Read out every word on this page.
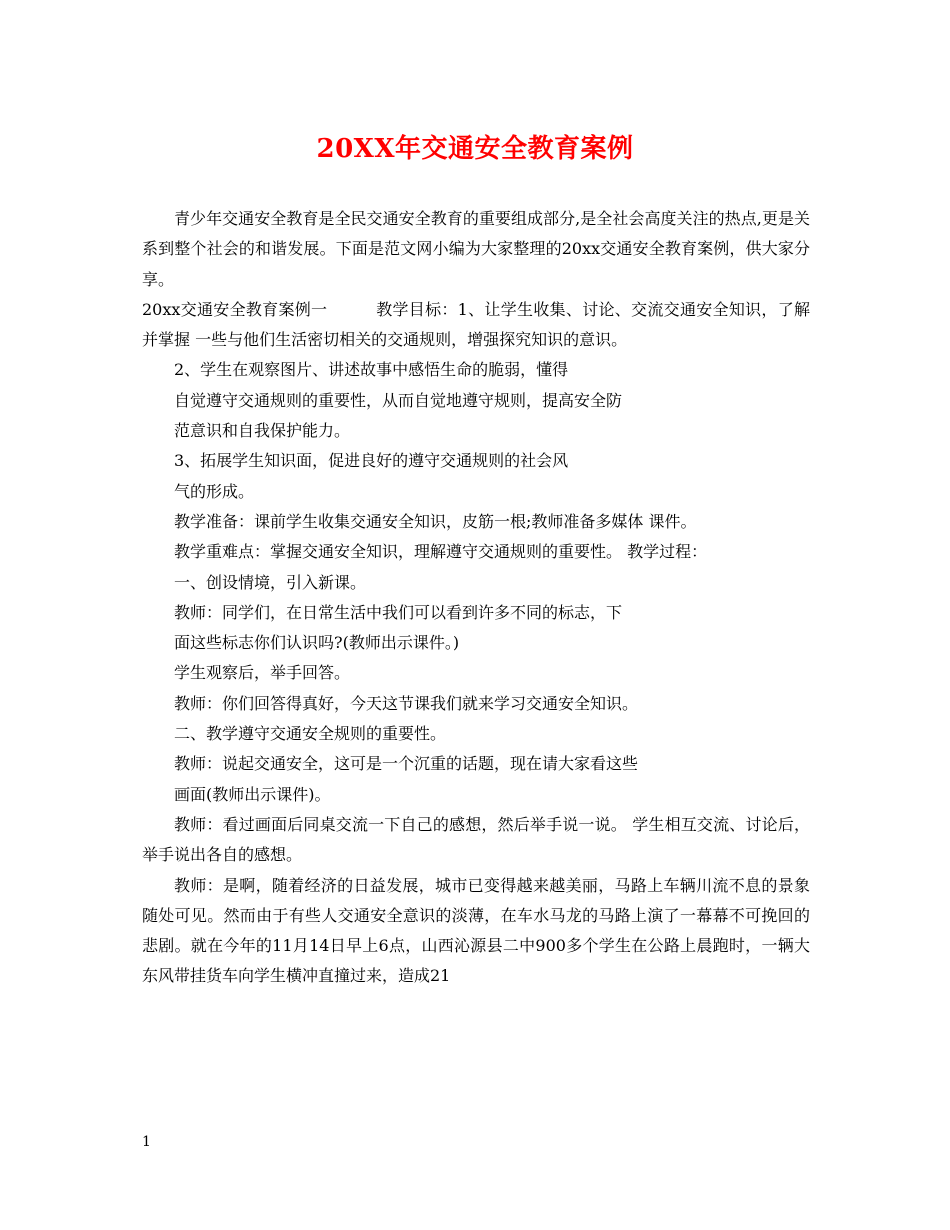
20XX年交通安全教育案例

青少年交通安全教育是全民交通安全教育的重要组成部分,是全社会高度关注的热点,更是关系到整个社会的和谐发展。下面是范文网小编为大家整理的20xx交通安全教育案例，供大家分享。

20xx交通安全教育案例一　　　教学目标：1、让学生收集、讨论、交流交通安全知识，了解并掌握 一些与他们生活密切相关的交通规则，增强探究知识的意识。

2、学生在观察图片、讲述故事中感悟生命的脆弱，懂得

自觉遵守交通规则的重要性，从而自觉地遵守规则，提高安全防

范意识和自我保护能力。

3、拓展学生知识面，促进良好的遵守交通规则的社会风

气的形成。

教学准备：课前学生收集交通安全知识，皮筋一根;教师准备多媒体 课件。

教学重难点：掌握交通安全知识，理解遵守交通规则的重要性。 教学过程：

一、创设情境，引入新课。

教师：同学们，在日常生活中我们可以看到许多不同的标志，下

面这些标志你们认识吗?(教师出示课件。)

学生观察后，举手回答。

教师：你们回答得真好，今天这节课我们就来学习交通安全知识。

二、教学遵守交通安全规则的重要性。

教师：说起交通安全，这可是一个沉重的话题，现在请大家看这些

画面(教师出示课件)。

教师：看过画面后同桌交流一下自己的感想，然后举手说一说。 学生相互交流、讨论后，举手说出各自的感想。

教师：是啊，随着经济的日益发展，城市已变得越来越美丽，马路上车辆川流不息的景象随处可见。然而由于有些人交通安全意识的淡薄，在车水马龙的马路上演了一幕幕不可挽回的悲剧。就在今年的11月14日早上6点，山西沁源县二中900多个学生在公路上晨跑时，一辆大东风带挂货车向学生横冲直撞过来，造成21

1
